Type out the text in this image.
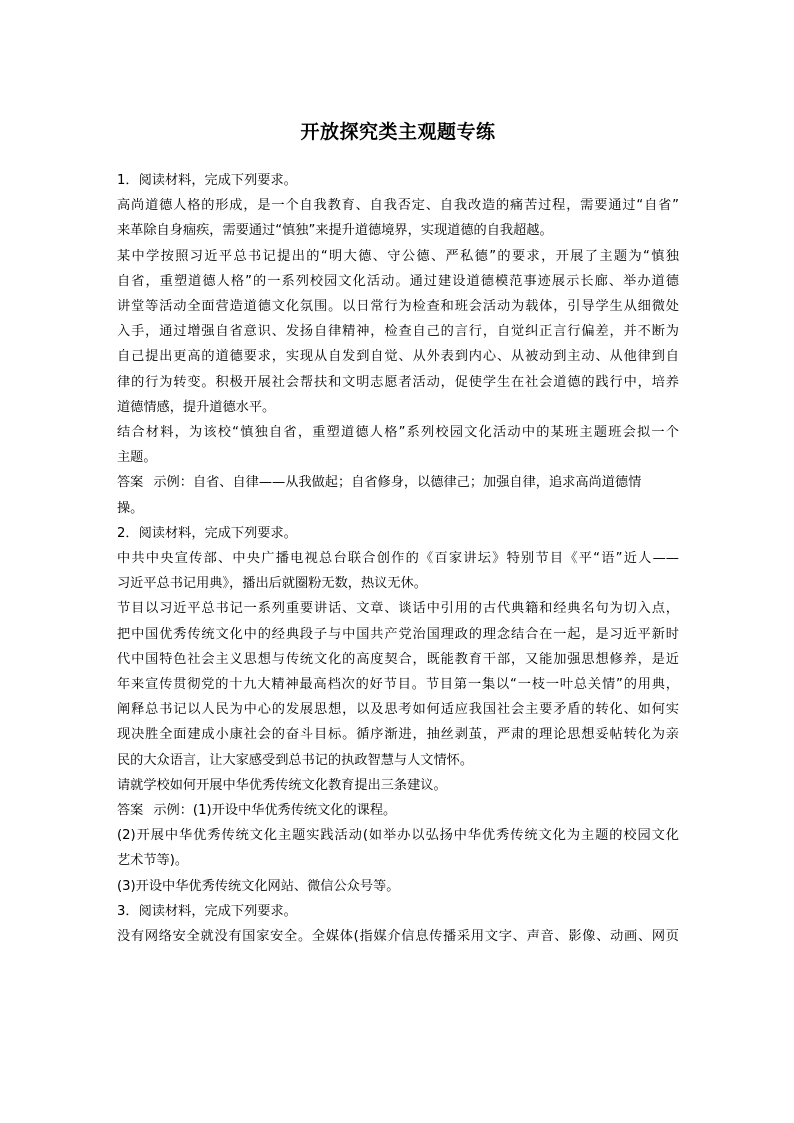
开放探究类主观题专练
1．阅读材料，完成下列要求。
高尚道德人格的形成，是一个自我教育、自我否定、自我改造的痛苦过程，需要通过“自省”
来革除自身痼疾，需要通过“慎独”来提升道德境界，实现道德的自我超越。
某中学按照习近平总书记提出的“明大德、守公德、严私德”的要求，开展了主题为“慎独
自省，重塑道德人格”的一系列校园文化活动。通过建设道德模范事迹展示长廊、举办道德
讲堂等活动全面营造道德文化氛围。以日常行为检查和班会活动为载体，引导学生从细微处
入手，通过增强自省意识、发扬自律精神，检查自己的言行，自觉纠正言行偏差，并不断为
自己提出更高的道德要求，实现从自发到自觉、从外表到内心、从被动到主动、从他律到自
律的行为转变。积极开展社会帮扶和文明志愿者活动，促使学生在社会道德的践行中，培养
道德情感，提升道德水平。
结合材料，为该校“慎独自省，重塑道德人格”系列校园文化活动中的某班主题班会拟一个
主题。
答案 示例：自省、自律——从我做起；自省修身，以德律己；加强自律，追求高尚道德情
操。
2．阅读材料，完成下列要求。
中共中央宣传部、中央广播电视总台联合创作的《百家讲坛》特别节目《平“语”近人——
习近平总书记用典》，播出后就圈粉无数，热议无休。
节目以习近平总书记一系列重要讲话、文章、谈话中引用的古代典籍和经典名句为切入点，
把中国优秀传统文化中的经典段子与中国共产党治国理政的理念结合在一起，是习近平新时
代中国特色社会主义思想与传统文化的高度契合，既能教育干部，又能加强思想修养，是近
年来宣传贯彻党的十九大精神最高档次的好节目。节目第一集以“一枝一叶总关情”的用典，
阐释总书记以人民为中心的发展思想，以及思考如何适应我国社会主要矛盾的转化、如何实
现决胜全面建成小康社会的奋斗目标。循序渐进，抽丝剥茧，严肃的理论思想妥帖转化为亲
民的大众语言，让大家感受到总书记的执政智慧与人文情怀。
请就学校如何开展中华优秀传统文化教育提出三条建议。
答案 示例：(1)开设中华优秀传统文化的课程。
(2)开展中华优秀传统文化主题实践活动(如举办以弘扬中华优秀传统文化为主题的校园文化
艺术节等)。
(3)开设中华优秀传统文化网站、微信公众号等。
3．阅读材料，完成下列要求。
没有网络安全就没有国家安全。全媒体(指媒介信息传播采用文字、声音、影像、动画、网页
